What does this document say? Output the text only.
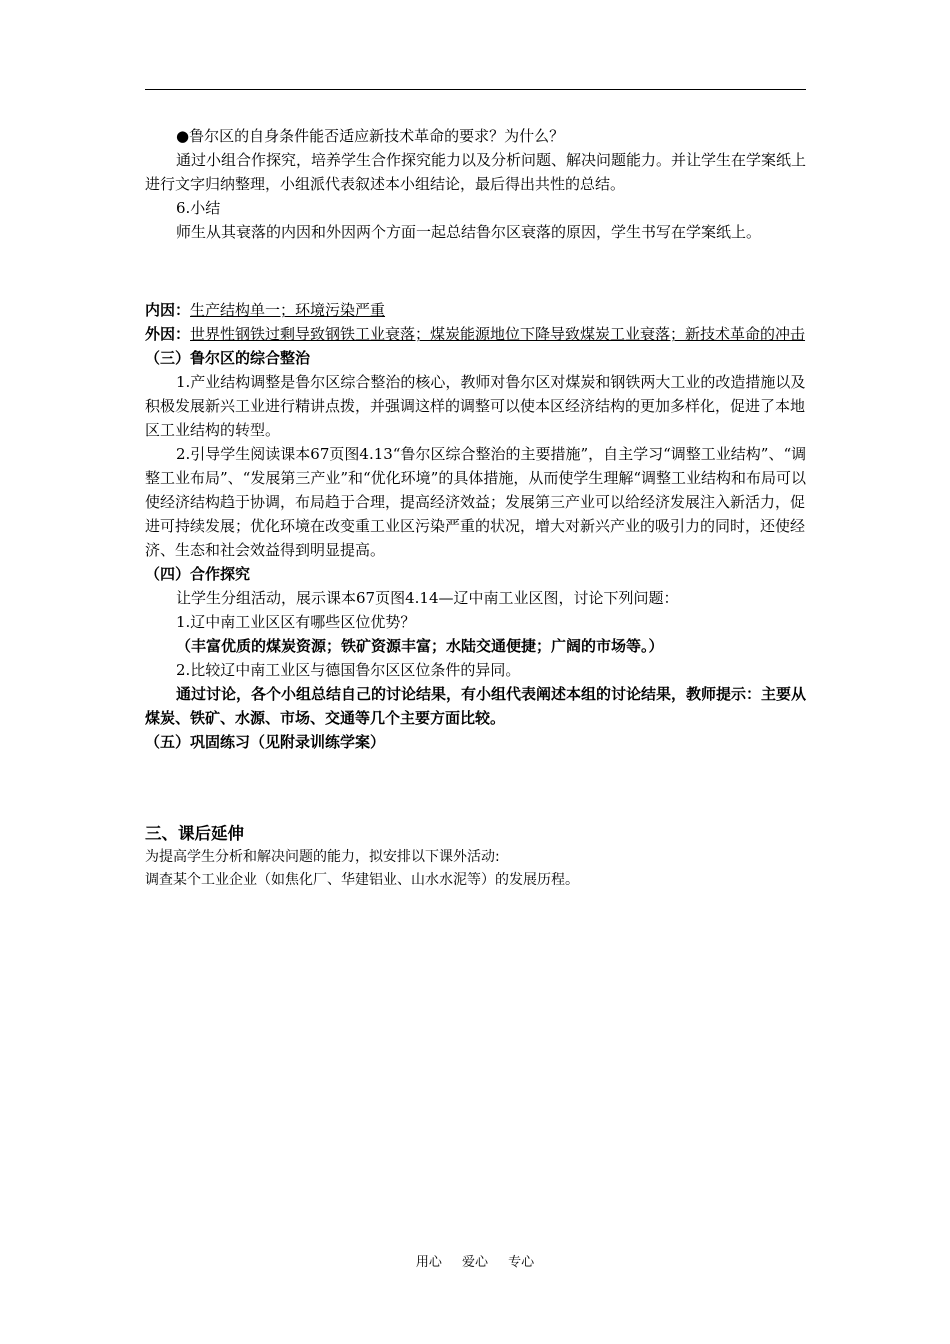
●鲁尔区的自身条件能否适应新技术革命的要求？为什么？

通过小组合作探究，培养学生合作探究能力以及分析问题、解决问题能力。并让学生在学案纸上进行文字归纳整理，小组派代表叙述本小组结论，最后得出共性的总结。

6.小结

师生从其衰落的内因和外因两个方面一起总结鲁尔区衰落的原因，学生书写在学案纸上。

内因：生产结构单一；环境污染严重

外因：世界性钢铁过剩导致钢铁工业衰落；煤炭能源地位下降导致煤炭工业衰落；新技术革命的冲击

（三）鲁尔区的综合整治

1.产业结构调整是鲁尔区综合整治的核心，教师对鲁尔区对煤炭和钢铁两大工业的改造措施以及积极发展新兴工业进行精讲点拨，并强调这样的调整可以使本区经济结构的更加多样化，促进了本地区工业结构的转型。

2.引导学生阅读课本67页图4.13“鲁尔区综合整治的主要措施”，自主学习“调整工业结构”、“调整工业布局”、“发展第三产业”和“优化环境”的具体措施，从而使学生理解“调整工业结构和布局可以使经济结构趋于协调，布局趋于合理，提高经济效益；发展第三产业可以给经济发展注入新活力，促进可持续发展；优化环境在改变重工业区污染严重的状况，增大对新兴产业的吸引力的同时，还使经济、生态和社会效益得到明显提高。

（四）合作探究

让学生分组活动，展示课本67页图4.14—辽中南工业区图，讨论下列问题：

1.辽中南工业区区有哪些区位优势？

（丰富优质的煤炭资源；铁矿资源丰富；水陆交通便捷；广阔的市场等。）

2.比较辽中南工业区与德国鲁尔区区位条件的异同。

通过讨论，各个小组总结自己的讨论结果，有小组代表阐述本组的讨论结果，教师提示：主要从煤炭、铁矿、水源、市场、交通等几个主要方面比较。

（五）巩固练习（见附录训练学案）

三、课后延伸

为提高学生分析和解决问题的能力，拟安排以下课外活动:

调查某个工业企业（如焦化厂、华建铝业、山水水泥等）的发展历程。

用心 爱心 专心
